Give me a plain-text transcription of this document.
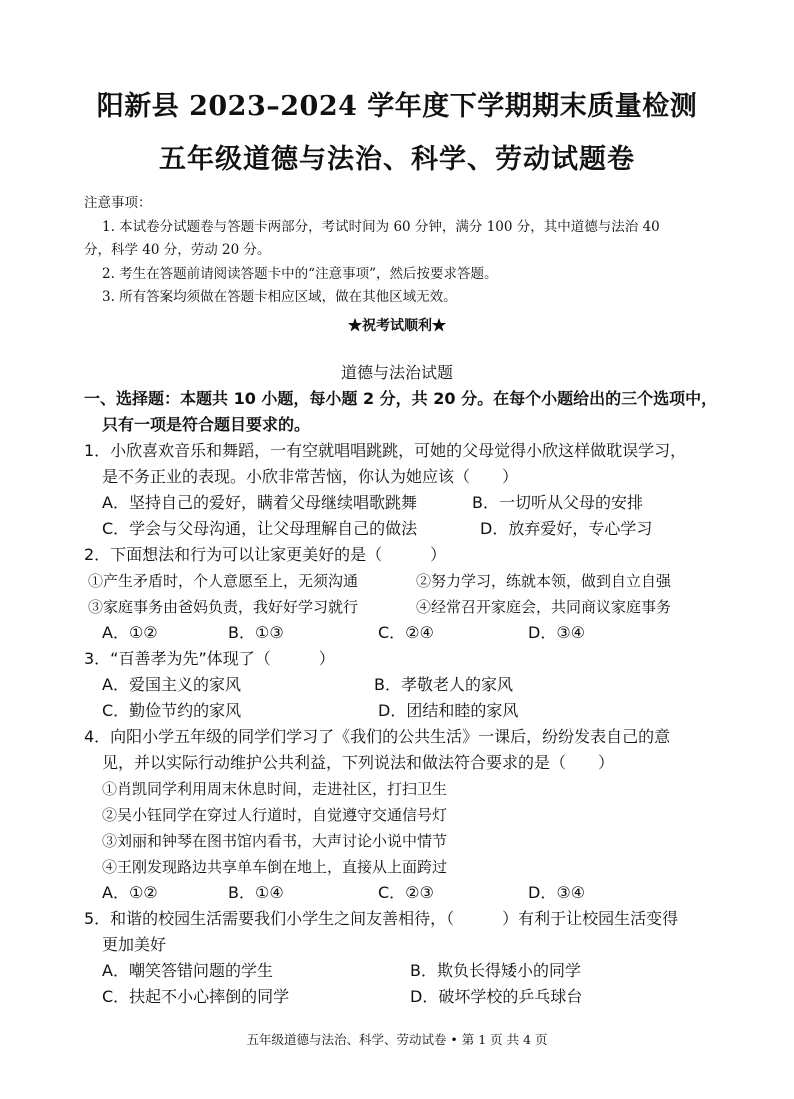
阳新县 2023–2024 学年度下学期期末质量检测
五年级道德与法治、科学、劳动试题卷
注意事项：
1. 本试卷分试题卷与答题卡两部分，考试时间为 60 分钟，满分 100 分，其中道德与法治 40
分，科学 40 分，劳动 20 分。
2. 考生在答题前请阅读答题卡中的“注意事项”，然后按要求答题。
3. 所有答案均须做在答题卡相应区域，做在其他区域无效。
★祝考试顺利★
道德与法治试题
一、选择题：本题共 10 小题，每小题 2 分，共 20 分。在每个小题给出的三个选项中，
只有一项是符合题目要求的。
1．小欣喜欢音乐和舞蹈，一有空就唱唱跳跳，可她的父母觉得小欣这样做耽误学习，
是不务正业的表现。小欣非常苦恼，你认为她应该（　　）
A．坚持自己的爱好，瞒着父母继续唱歌跳舞	B．一切听从父母的安排
C．学会与父母沟通，让父母理解自己的做法	D．放弃爱好，专心学习
2．下面想法和行为可以让家更美好的是（　　　）
①产生矛盾时，个人意愿至上，无须沟通	②努力学习，练就本领，做到自立自强
③家庭事务由爸妈负责，我好好学习就行	④经常召开家庭会，共同商议家庭事务
A．①②	B．①③	C．②④	D．③④
3．“百善孝为先”体现了（　　　）
A．爱国主义的家风	B．孝敬老人的家风
C．勤俭节约的家风	D．团结和睦的家风
4．向阳小学五年级的同学们学习了《我们的公共生活》一课后，纷纷发表自己的意
见，并以实际行动维护公共利益，下列说法和做法符合要求的是（　　）
①肖凯同学利用周末休息时间，走进社区，打扫卫生
②吴小钰同学在穿过人行道时，自觉遵守交通信号灯
③刘丽和钟琴在图书馆内看书，大声讨论小说中情节
④王刚发现路边共享单车倒在地上，直接从上面跨过
A．①②	B．①④	C．②③	D．③④
5．和谐的校园生活需要我们小学生之间友善相待，（　　　）有利于让校园生活变得
更加美好
A．嘲笑答错问题的学生	B．欺负长得矮小的同学
C．扶起不小心摔倒的同学	D．破坏学校的乒乓球台
五年级道德与法治、科学、劳动试卷 • 第 1 页 共 4 页
